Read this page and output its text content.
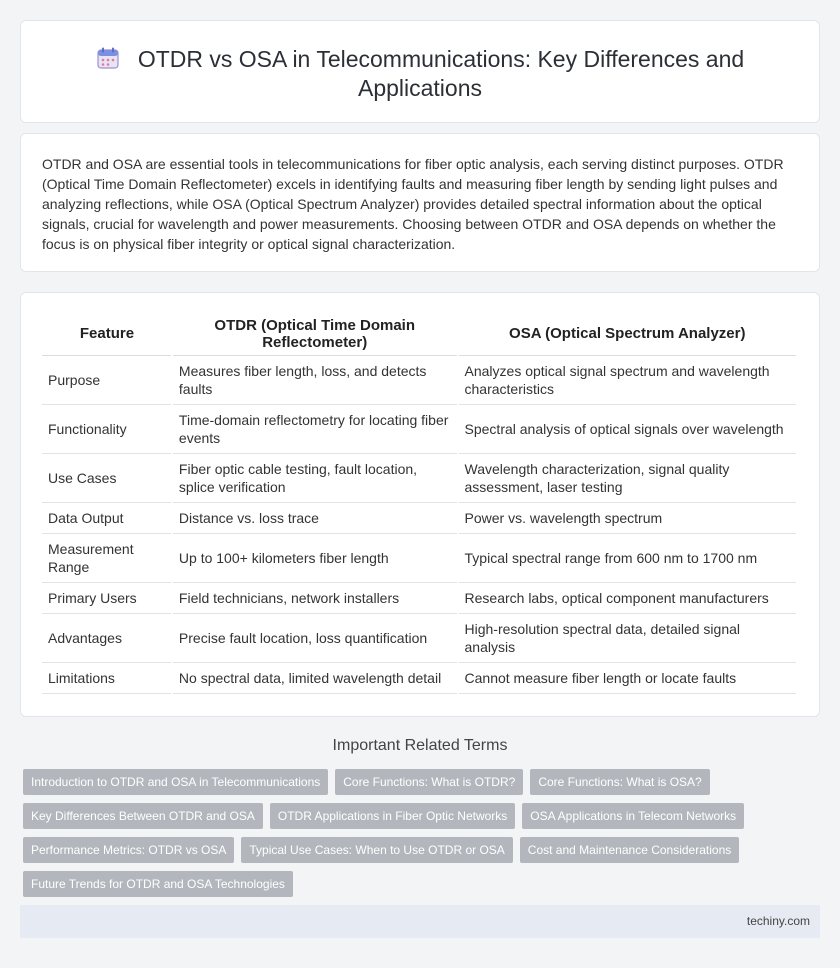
OTDR vs OSA in Telecommunications: Key Differences and Applications

OTDR and OSA are essential tools in telecommunications for fiber optic analysis, each serving distinct purposes. OTDR (Optical Time Domain Reflectometer) excels in identifying faults and measuring fiber length by sending light pulses and analyzing reflections, while OSA (Optical Spectrum Analyzer) provides detailed spectral information about the optical signals, crucial for wavelength and power measurements. Choosing between OTDR and OSA depends on whether the focus is on physical fiber integrity or optical signal characterization.

Feature	OTDR (Optical Time Domain Reflectometer)	OSA (Optical Spectrum Analyzer)
Purpose	Measures fiber length, loss, and detects faults	Analyzes optical signal spectrum and wavelength characteristics
Functionality	Time-domain reflectometry for locating fiber events	Spectral analysis of optical signals over wavelength
Use Cases	Fiber optic cable testing, fault location, splice verification	Wavelength characterization, signal quality assessment, laser testing
Data Output	Distance vs. loss trace	Power vs. wavelength spectrum
Measurement Range	Up to 100+ kilometers fiber length	Typical spectral range from 600 nm to 1700 nm
Primary Users	Field technicians, network installers	Research labs, optical component manufacturers
Advantages	Precise fault location, loss quantification	High-resolution spectral data, detailed signal analysis
Limitations	No spectral data, limited wavelength detail	Cannot measure fiber length or locate faults
Important Related Terms
Introduction to OTDR and OSA in Telecommunications	Core Functions: What is OTDR?	Core Functions: What is OSA?
Key Differences Between OTDR and OSA	OTDR Applications in Fiber Optic Networks	OSA Applications in Telecom Networks
Performance Metrics: OTDR vs OSA	Typical Use Cases: When to Use OTDR or OSA	Cost and Maintenance Considerations
Future Trends for OTDR and OSA Technologies
techiny.com
